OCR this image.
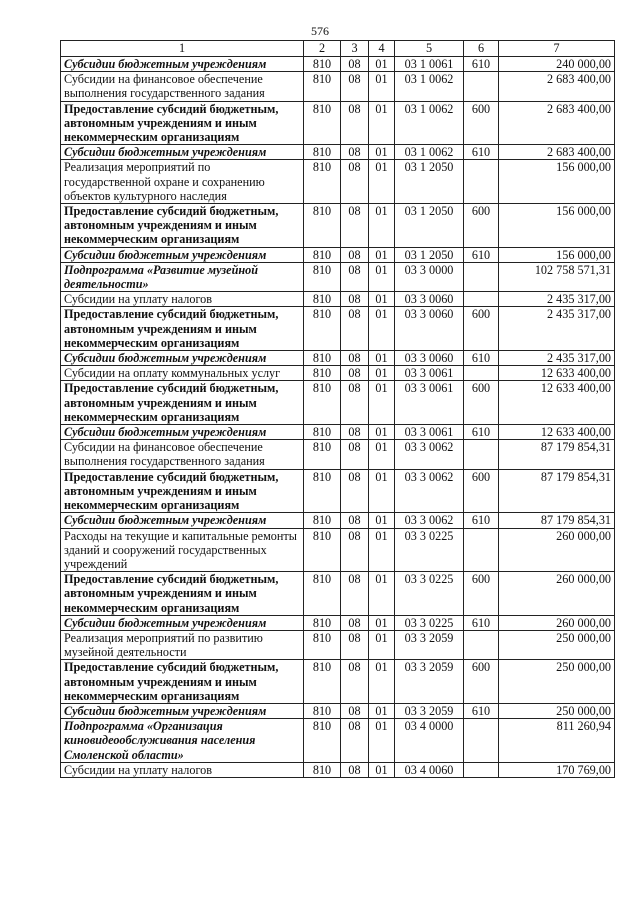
576
1	2	3	4	5	6	7
Субсидии бюджетным учреждениям	810	08	01	03 1 0061	610	240 000,00
Субсидии на финансовое обеспечение выполнения государственного задания	810	08	01	03 1 0062		2 683 400,00
Предоставление субсидий бюджетным, автономным учреждениям и иным некоммерческим организациям	810	08	01	03 1 0062	600	2 683 400,00
Субсидии бюджетным учреждениям	810	08	01	03 1 0062	610	2 683 400,00
Реализация мероприятий по государственной охране и сохранению объектов культурного наследия	810	08	01	03 1 2050		156 000,00
Предоставление субсидий бюджетным, автономным учреждениям и иным некоммерческим организациям	810	08	01	03 1 2050	600	156 000,00
Субсидии бюджетным учреждениям	810	08	01	03 1 2050	610	156 000,00
Подпрограмма «Развитие музейной деятельности»	810	08	01	03 3 0000		102 758 571,31
Субсидии на уплату налогов	810	08	01	03 3 0060		2 435 317,00
Предоставление субсидий бюджетным, автономным учреждениям и иным некоммерческим организациям	810	08	01	03 3 0060	600	2 435 317,00
Субсидии бюджетным учреждениям	810	08	01	03 3 0060	610	2 435 317,00
Субсидии на оплату коммунальных услуг	810	08	01	03 3 0061		12 633 400,00
Предоставление субсидий бюджетным, автономным учреждениям и иным некоммерческим организациям	810	08	01	03 3 0061	600	12 633 400,00
Субсидии бюджетным учреждениям	810	08	01	03 3 0061	610	12 633 400,00
Субсидии на финансовое обеспечение выполнения государственного задания	810	08	01	03 3 0062		87 179 854,31
Предоставление субсидий бюджетным, автономным учреждениям и иным некоммерческим организациям	810	08	01	03 3 0062	600	87 179 854,31
Субсидии бюджетным учреждениям	810	08	01	03 3 0062	610	87 179 854,31
Расходы на текущие и капитальные ремонты зданий и сооружений государственных учреждений	810	08	01	03 3 0225		260 000,00
Предоставление субсидий бюджетным, автономным учреждениям и иным некоммерческим организациям	810	08	01	03 3 0225	600	260 000,00
Субсидии бюджетным учреждениям	810	08	01	03 3 0225	610	260 000,00
Реализация мероприятий по развитию музейной деятельности	810	08	01	03 3 2059		250 000,00
Предоставление субсидий бюджетным, автономным учреждениям и иным некоммерческим организациям	810	08	01	03 3 2059	600	250 000,00
Субсидии бюджетным учреждениям	810	08	01	03 3 2059	610	250 000,00
Подпрограмма «Организация киновидеообслуживания населения Смоленской области»	810	08	01	03 4 0000		811 260,94
Субсидии на уплату налогов	810	08	01	03 4 0060		170 769,00
